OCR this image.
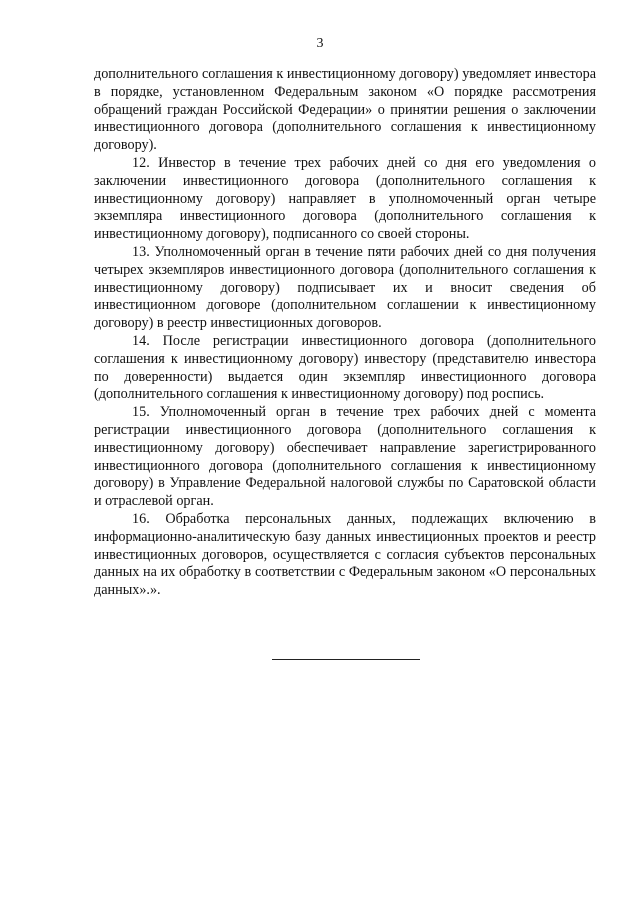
3

дополнительного соглашения к инвестиционному договору) уведомляет инвестора в порядке, установленном Федеральным законом «О порядке рассмотрения обращений граждан Российской Федерации» о принятии решения о заключении инвестиционного договора (дополнительного соглашения к инвестиционному договору).

12. Инвестор в течение трех рабочих дней со дня его уведомления о заключении инвестиционного договора (дополнительного соглашения к инвестиционному договору) направляет в уполномоченный орган четыре экземпляра инвестиционного договора (дополнительного соглашения к инвестиционному договору), подписанного со своей стороны.

13. Уполномоченный орган в течение пяти рабочих дней со дня получения четырех экземпляров инвестиционного договора (дополнительного соглашения к инвестиционному договору) подписывает их и вносит сведения об инвестиционном договоре (дополнительном соглашении к инвестиционному договору) в реестр инвестиционных договоров.

14. После регистрации инвестиционного договора (дополнительного соглашения к инвестиционному договору) инвестору (представителю инвестора по доверенности) выдается один экземпляр инвестиционного договора (дополнительного соглашения к инвестиционному договору) под роспись.

15. Уполномоченный орган в течение трех рабочих дней с момента регистрации инвестиционного договора (дополнительного соглашения к инвестиционному договору) обеспечивает направление зарегистрированного инвестиционного договора (дополнительного соглашения к инвестиционному договору) в Управление Федеральной налоговой службы по Саратовской области и отраслевой орган.

16. Обработка персональных данных, подлежащих включению в информационно-аналитическую базу данных инвестиционных проектов и реестр инвестиционных договоров, осуществляется с согласия субъектов персональных данных на их обработку в соответствии с Федеральным законом «О персональных данных».».
